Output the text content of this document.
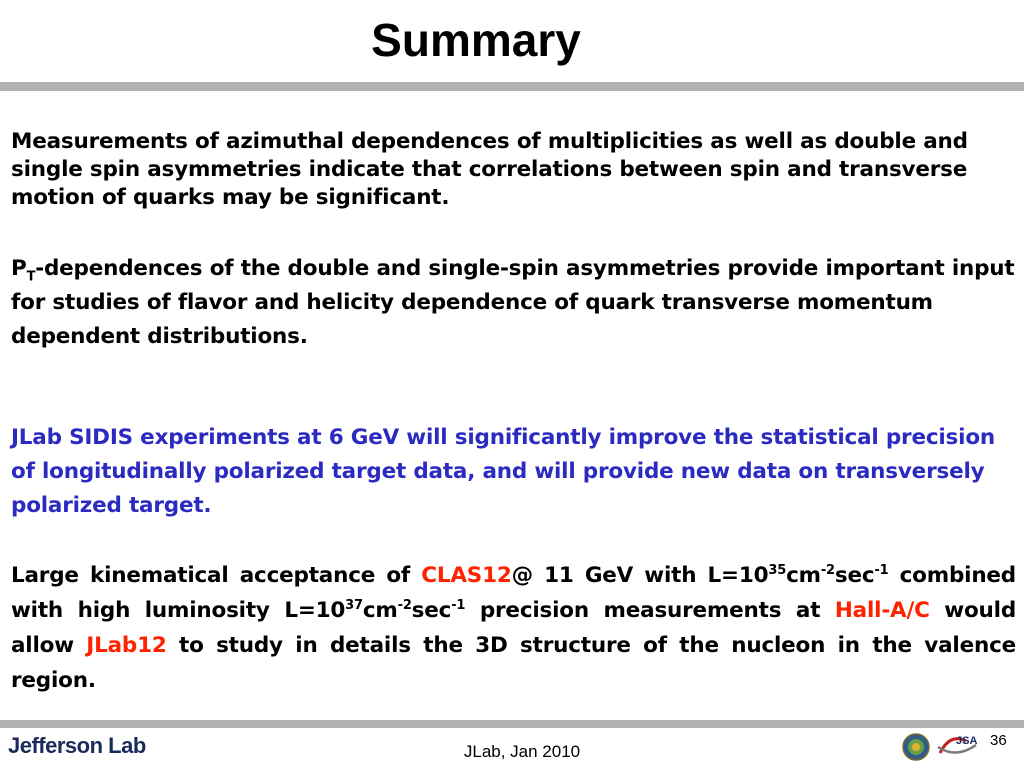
Summary

Measurements of azimuthal dependences of multiplicities as well as double and single spin asymmetries indicate that correlations between spin and transverse motion of quarks may be significant.

$P_T$-dependences of the double and single-spin asymmetries provide important input for studies of flavor and helicity dependence of quark transverse momentum dependent distributions.

JLab SIDIS experiments at 6 GeV will significantly improve the statistical precision of longitudinally polarized target data, and will provide new data on transversely polarized target.

Large kinematical acceptance of CLAS12@ 11 GeV with $L=10^{35}cm^{-2}\sec^{-1}$ combined with high luminosity $L=10^{37}cm^{-2}\sec^{-1}$ precision measurements at Hall-A/C would allow JLab12 to study in details the 3D structure of the nucleon in the valence region.

Jefferson Lab	JLab, Jan 2010
JSA 36
